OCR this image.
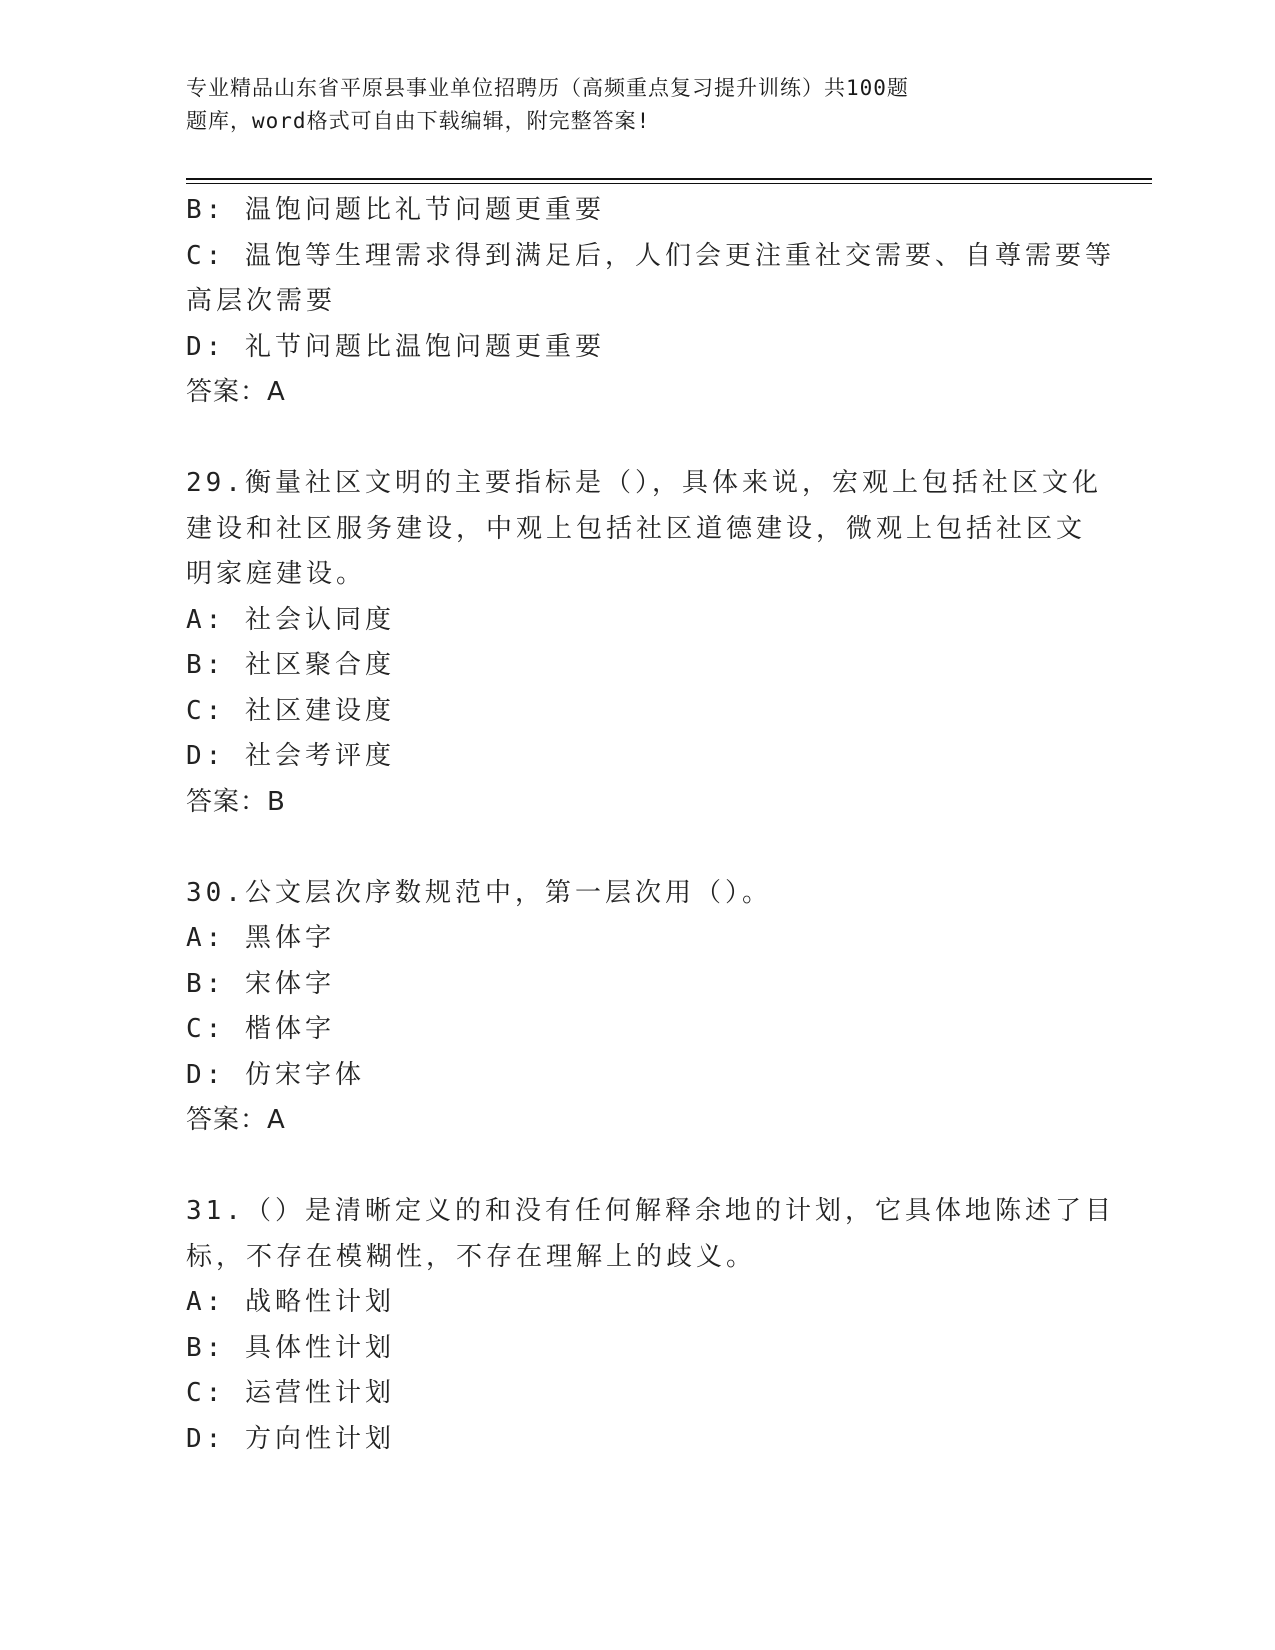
专业精品山东省平原县事业单位招聘历（高频重点复习提升训练）共100题
题库，word格式可自由下载编辑，附完整答案!

B: 温饱问题比礼节问题更重要

C: 温饱等生理需求得到满足后，人们会更注重社交需要、自尊需要等

高层次需要

D: 礼节问题比温饱问题更重要

答案：A

29.衡量社区文明的主要指标是（），具体来说，宏观上包括社区文化

建设和社区服务建设，中观上包括社区道德建设，微观上包括社区文

明家庭建设。

A: 社会认同度

B: 社区聚合度

C: 社区建设度

D: 社会考评度

答案：B

30.公文层次序数规范中，第一层次用（）。

A: 黑体字

B: 宋体字

C: 楷体字

D: 仿宋字体

答案：A

31.（）是清晰定义的和没有任何解释余地的计划，它具体地陈述了目

标，不存在模糊性，不存在理解上的歧义。

A: 战略性计划

B: 具体性计划

C: 运营性计划

D: 方向性计划
